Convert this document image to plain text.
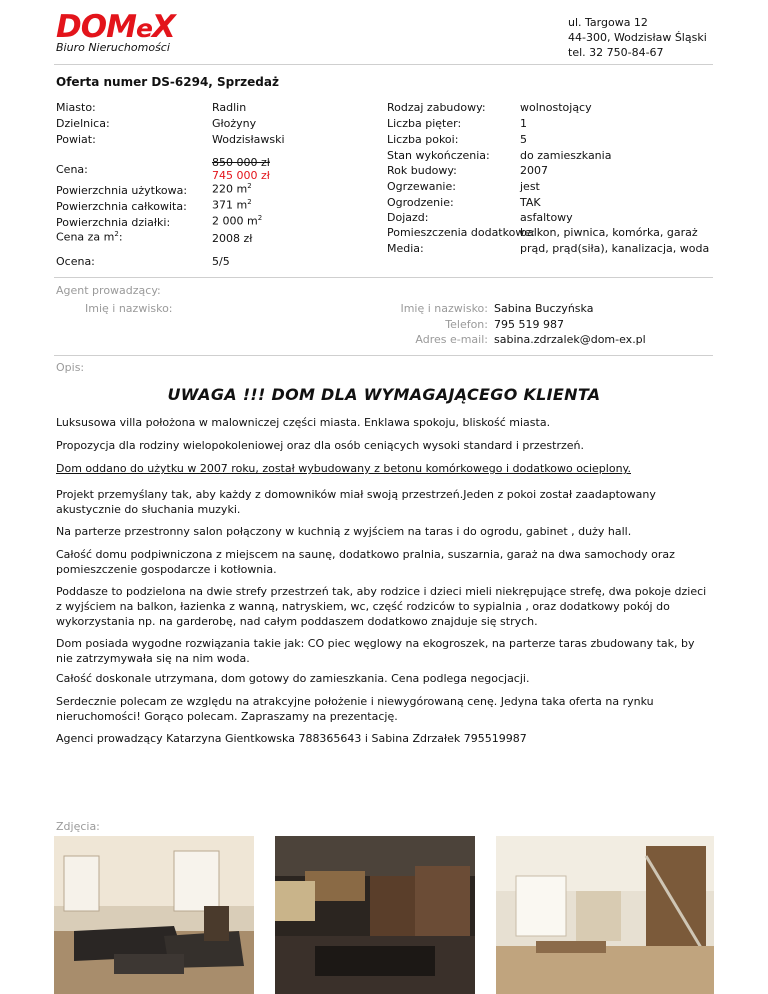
DOMeX
Biuro Nieruchomości
ul. Targowa 12
44-300, Wodzisław Śląski
tel. 32 750-84-67
Oferta numer DS-6294, Sprzedaż
Miasto:	Radlin
Dzielnica:	Głożyny
Powiat:	Wodzisławski
Cena:
850 000 zł
745 000 zł
Powierzchnia użytkowa: 220 $m^2$
Powierzchnia całkowita: 371 $m^2$
Powierzchnia działki:	2 000 $m^2$
Cena za $m^2$:	2008 zł
Ocena:	5/5
Rodzaj zabudowy:	wolnostojący
Liczba pięter:	1
Liczba pokoi:	5
Stan wykończenia:	do zamieszkania
Rok budowy:	2007
Ogrzewanie:	jest
Ogrodzenie:	TAK
Dojazd:	asfaltowy
Pomieszczenia dodatkowe:
balkon, piwnica, komórka, garaż
Media:	prąd, prąd(siła), kanalizacja, woda
Agent prowadzący:
Imię i nazwisko:	Imię i nazwisko: Sabina Buczyńska
Telefon: 795 519 987
Adres e-mail: sabina.zdrzalek@dom-ex.pl
Opis:
UWAGA !!! DOM DLA WYMAGAJĄCEGO KLIENTA
Luksusowa villa położona w malowniczej części miasta. Enklawa spokoju, bliskość miasta.
Propozycja dla rodziny wielopokoleniowej oraz dla osób ceniących wysoki standard i przestrzeń.
Dom oddano do użytku w 2007 roku, został wybudowany z betonu komórkowego i dodatkowo ocieplony.
Projekt przemyślany tak, aby każdy z domowników miał swoją przestrzeń.Jeden z pokoi został zaadaptowany akustycznie do słuchania muzyki.
Na parterze przestronny salon połączony w kuchnią z wyjściem na taras i do ogrodu, gabinet , duży hall.
Całość domu podpiwniczona z miejscem na saunę, dodatkowo pralnia, suszarnia, garaż na dwa samochody oraz pomieszczenie gospodarcze i kotłownia.
Poddasze to podzielona na dwie strefy przestrzeń tak, aby rodzice i dzieci mieli niekrępujące strefę, dwa pokoje dzieci z wyjściem na balkon, łazienka z wanną, natryskiem, wc, część rodziców to sypialnia , oraz dodatkowy pokój do wykorzystania np. na garderobę, nad całym poddaszem dodatkowo znajduje się strych.
Dom posiada wygodne rozwiązania takie jak: CO piec węglowy na ekogroszek, na parterze taras zbudowany tak, by nie zatrzymywała się na nim woda.
Całość doskonale utrzymana, dom gotowy do zamieszkania. Cena podlega negocjacji.
Serdecznie polecam ze względu na atrakcyjne położenie i niewygórowaną cenę. Jedyna taka oferta na rynku nieruchomości! Gorąco polecam. Zapraszamy na prezentację.
Agenci prowadzący Katarzyna Gientkowska 788365643 i Sabina Zdrzałek 795519987
Zdjęcia:
